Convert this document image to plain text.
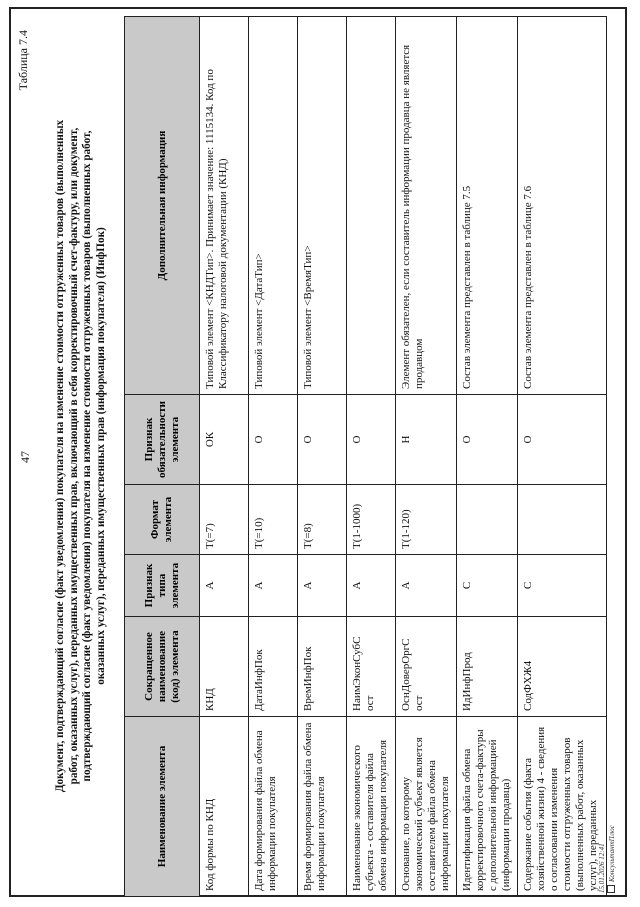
47
Таблица 7.4

Документ, подтверждающий согласие (факт уведомления) покупателя на изменение стоимости отгруженных товаров (выполненных работ, оказанных услуг), переданных имущественных прав, включающий в себя корректировочный счет-фактуру, или документ, подтверждающий согласие (факт уведомления) покупателя на изменение стоимости отгруженных товаров (выполненных работ, оказанных услуг), переданных имущественных прав (информация покупателя) (ИнфПок)

Наименование элемента	Сокращенное наименование (код) элемента	Признак типа элемента	Формат элемента	Признак обязательности элемента	Дополнительная информация
Код формы по КНД	КНД	А	Т(=7)	ОК	Типовой элемент <КНДТип>. Принимает значение: 1115134. Код по Классификатору налоговой документации (КНД)
Дата формирования файла обмена информации покупателя	ДатаИнфПок	А	Т(=10)	О	Типовой элемент <ДатаТип>
Время формирования файла обмена информации покупателя	ВремИнфПок	А	Т(=8)	О	Типовой элемент <ВремяТип>
Наименование экономического субъекта - составителя файла обмена информации покупателя	НаимЭконСубС ост	А	Т(1-1000)	О	
Основание, по которому экономический субъект является составителем файла обмена информации покупателя	ОснДоверОргС ост	А	Т(1-120)	Н	Элемент обязателен, если составитель информации продавца не является продавцом
Идентификация файла обмена корректировочного счета-фактуры с дополнительной информацией (информации продавца)	ИдИнфПрод	С		О	Состав элемента представлен в таблице 7.5
Содержание события (факта хозяйственной жизни) 4 - сведения о согласовании изменения стоимости отгруженных товаров (выполненных работ, оказанных услуг), переданных	СодФХЖ4	С		О	Состав элемента представлен в таблице 7.6
15.01.2026 12:41 КонсультантПлюс
